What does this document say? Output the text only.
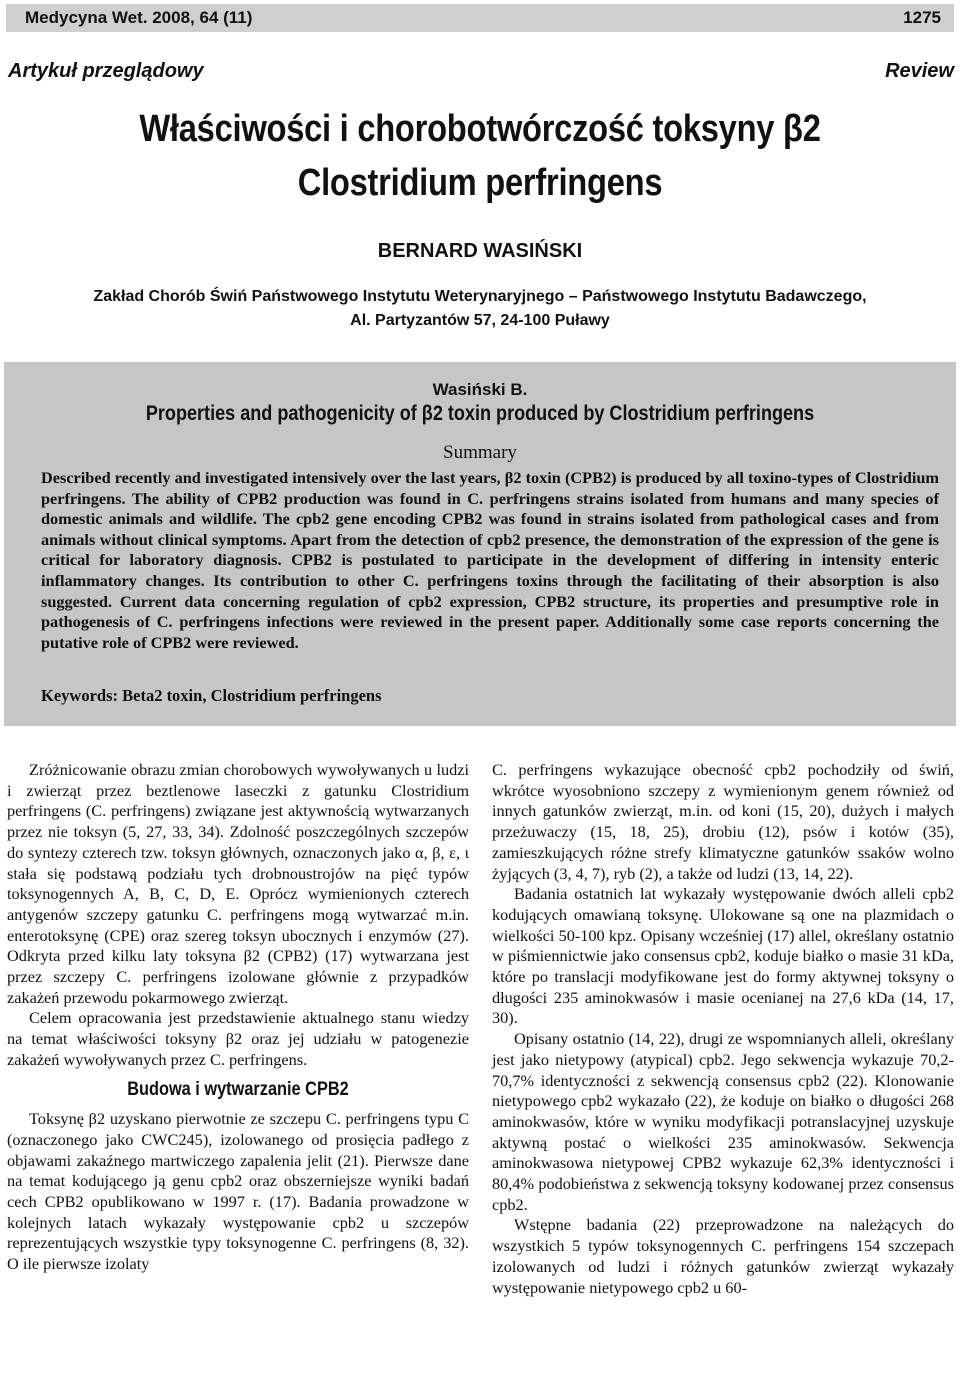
Medycyna Wet. 2008, 64 (11)	1275
Artykuł przeglądowy	Review
Właściwości i chorobotwórczość toksyny β2
Clostridium perfringens
BERNARD WASIŃSKI
Zakład Chorób Świń Państwowego Instytutu Weterynaryjnego – Państwowego Instytutu Badawczego,
Al. Partyzantów 57, 24-100 Puławy
Wasiński B.
Properties and pathogenicity of β2 toxin produced by Clostridium perfringens
Summary
Described recently and investigated intensively over the last years, β2 toxin (CPB2) is produced by all toxino-types of Clostridium perfringens. The ability of CPB2 production was found in C. perfringens strains isolated from humans and many species of domestic animals and wildlife. The cpb2 gene encoding CPB2 was found in strains isolated from pathological cases and from animals without clinical symptoms. Apart from the detection of cpb2 presence, the demonstration of the expression of the gene is critical for laboratory diagnosis. CPB2 is postulated to participate in the development of differing in intensity enteric inflammatory changes. Its contribution to other C. perfringens toxins through the facilitating of their absorption is also suggested. Current data concerning regulation of cpb2 expression, CPB2 structure, its properties and presumptive role in pathogenesis of C. perfringens infections were reviewed in the present paper. Additionally some case reports concerning the putative role of CPB2 were reviewed.
Keywords: Beta2 toxin, Clostridium perfringens

Zróżnicowanie obrazu zmian chorobowych wywoływanych u ludzi i zwierząt przez beztlenowe laseczki z gatunku Clostridium perfringens (C. perfringens) związane jest aktywnością wytwarzanych przez nie toksyn (5, 27, 33, 34). Zdolność poszczególnych szczepów do syntezy czterech tzw. toksyn głównych, oznaczonych jako α, β, ε, ι stała się podstawą podziału tych drobnoustrojów na pięć typów toksynogennych A, B, C, D, E. Oprócz wymienionych czterech antygenów szczepy gatunku C. perfringens mogą wytwarzać m.in. enterotoksynę (CPE) oraz szereg toksyn ubocznych i enzymów (27). Odkryta przed kilku laty toksyna β2 (CPB2) (17) wytwarzana jest przez szczepy C. perfringens izolowane głównie z przypadków zakażeń przewodu pokarmowego zwierząt.

Celem opracowania jest przedstawienie aktualnego stanu wiedzy na temat właściwości toksyny β2 oraz jej udziału w patogenezie zakażeń wywoływanych przez C. perfringens.

Budowa i wytwarzanie CPB2

Toksynę β2 uzyskano pierwotnie ze szczepu C. perfringens typu C (oznaczonego jako CWC245), izolowanego od prosięcia padłego z objawami zakaźnego martwiczego zapalenia jelit (21). Pierwsze dane na temat kodującego ją genu cpb2 oraz obszerniejsze wyniki badań cech CPB2 opublikowano w 1997 r. (17). Badania prowadzone w kolejnych latach wykazały występowanie cpb2 u szczepów reprezentujących wszystkie typy toksynogenne C. perfringens (8, 32). O ile pierwsze izolaty

C. perfringens wykazujące obecność cpb2 pochodziły od świń, wkrótce wyosobniono szczepy z wymienionym genem również od innych gatunków zwierząt, m.in. od koni (15, 20), dużych i małych przeżuwaczy (15, 18, 25), drobiu (12), psów i kotów (35), zamieszkujących różne strefy klimatyczne gatunków ssaków wolno żyjących (3, 4, 7), ryb (2), a także od ludzi (13, 14, 22).

Badania ostatnich lat wykazały występowanie dwóch alleli cpb2 kodujących omawianą toksynę. Ulokowane są one na plazmidach o wielkości 50-100 kpz. Opisany wcześniej (17) allel, określany ostatnio w piśmiennictwie jako consensus cpb2, koduje białko o masie 31 kDa, które po translacji modyfikowane jest do formy aktywnej toksyny o długości 235 aminokwasów i masie ocenianej na 27,6 kDa (14, 17, 30).

Opisany ostatnio (14, 22), drugi ze wspomnianych alleli, określany jest jako nietypowy (atypical) cpb2. Jego sekwencja wykazuje 70,2-70,7% identyczności z sekwencją consensus cpb2 (22). Klonowanie nietypowego cpb2 wykazało (22), że koduje on białko o długości 268 aminokwasów, które w wyniku modyfikacji potranslacyjnej uzyskuje aktywną postać o wielkości 235 aminokwasów. Sekwencja aminokwasowa nietypowej CPB2 wykazuje 62,3% identyczności i 80,4% podobieństwa z sekwencją toksyny kodowanej przez consensus cpb2.

Wstępne badania (22) przeprowadzone na należących do wszystkich 5 typów toksynogennych C. perfringens 154 szczepach izolowanych od ludzi i różnych gatunków zwierząt wykazały występowanie nietypowego cpb2 u 60-
